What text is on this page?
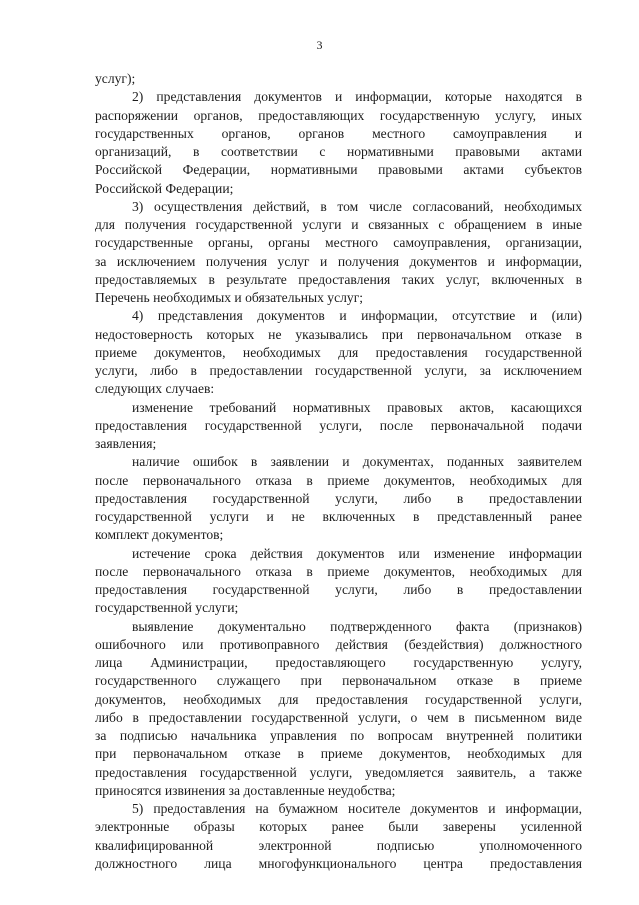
3
услуг);
2) представления документов и информации, которые находятся в
распоряжении органов, предоставляющих государственную услугу, иных
государственных органов, органов местного самоуправления и
организаций, в соответствии с нормативными правовыми актами
Российской Федерации, нормативными правовыми актами субъектов
Российской Федерации;
3) осуществления действий, в том числе согласований, необходимых
для получения государственной услуги и связанных с обращением в иные
государственные органы, органы местного самоуправления, организации,
за исключением получения услуг и получения документов и информации,
предоставляемых в результате предоставления таких услуг, включенных в
Перечень необходимых и обязательных услуг;
4) представления документов и информации, отсутствие и (или)
недостоверность которых не указывались при первоначальном отказе в
приеме документов, необходимых для предоставления государственной
услуги, либо в предоставлении государственной услуги, за исключением
следующих случаев:
изменение требований нормативных правовых актов, касающихся
предоставления государственной услуги, после первоначальной подачи
заявления;
наличие ошибок в заявлении и документах, поданных заявителем
после первоначального отказа в приеме документов, необходимых для
предоставления государственной услуги, либо в предоставлении
государственной услуги и не включенных в представленный ранее
комплект документов;
истечение срока действия документов или изменение информации
после первоначального отказа в приеме документов, необходимых для
предоставления государственной услуги, либо в предоставлении
государственной услуги;
выявление документально подтвержденного факта (признаков)
ошибочного или противоправного действия (бездействия) должностного
лица Администрации, предоставляющего государственную услугу,
государственного служащего при первоначальном отказе в приеме
документов, необходимых для предоставления государственной услуги,
либо в предоставлении государственной услуги, о чем в письменном виде
за подписью начальника управления по вопросам внутренней политики
при первоначальном отказе в приеме документов, необходимых для
предоставления государственной услуги, уведомляется заявитель, а также
приносятся извинения за доставленные неудобства;
5) предоставления на бумажном носителе документов и информации,
электронные образы которых ранее были заверены усиленной
квалифицированной электронной подписью уполномоченного
должностного лица многофункционального центра предоставления
